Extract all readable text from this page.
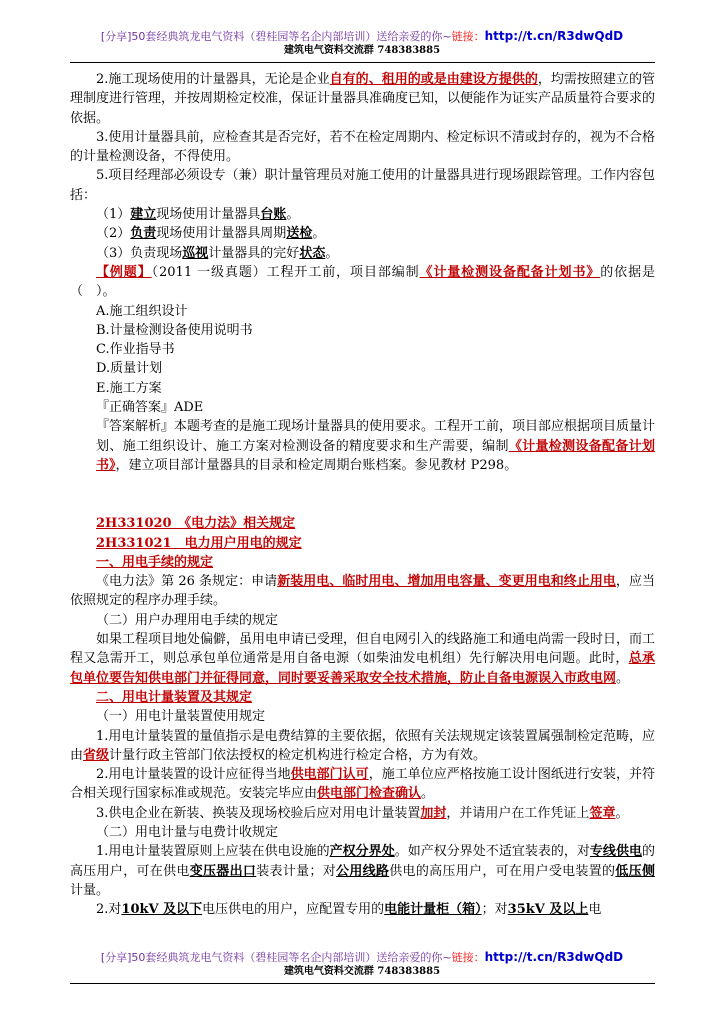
[分享]50套经典筑龙电气资料（碧桂园等名企内部培训）送给亲爱的你~链接：http://t.cn/R3dwQdD
建筑电气资料交流群 748383885

2.施工现场使用的计量器具，无论是企业自有的、租用的或是由建设方提供的，均需按照建立的管理制度进行管理，并按周期检定校准，保证计量器具准确度已知，以便能作为证实产品质量符合要求的依据。

3.使用计量器具前，应检查其是否完好，若不在检定周期内、检定标识不清或封存的，视为不合格的计量检测设备，不得使用。

5.项目经理部必须设专（兼）职计量管理员对施工使用的计量器具进行现场跟踪管理。工作内容包括：

（1）建立现场使用计量器具台账。

（2）负责现场使用计量器具周期送检。

（3）负责现场巡视计量器具的完好状态。

【例题】（2011 一级真题）工程开工前，项目部编制《计量检测设备配备计划书》的依据是（　）。

A.施工组织设计

B.计量检测设备使用说明书

C.作业指导书

D.质量计划

E.施工方案

『正确答案』ADE

『答案解析』本题考查的是施工现场计量器具的使用要求。工程开工前，项目部应根据项目质量计划、施工组织设计、施工方案对检测设备的精度要求和生产需要，编制《计量检测设备配备计划书》，建立项目部计量器具的目录和检定周期台账档案。参见教材 P298。

2H331020　《电力法》相关规定

2H331021　电力用户用电的规定

一、用电手续的规定

《电力法》第 26 条规定：申请新装用电、临时用电、增加用电容量、变更用电和终止用电，应当依照规定的程序办理手续。

（二）用户办理用电手续的规定

如果工程项目地处偏僻，虽用电申请已受理，但自电网引入的线路施工和通电尚需一段时日，而工程又急需开工，则总承包单位通常是用自备电源（如柴油发电机组）先行解决用电问题。此时，总承包单位要告知供电部门并征得同意，同时要妥善采取安全技术措施，防止自备电源误入市政电网。

二、用电计量装置及其规定

（一）用电计量装置使用规定

1.用电计量装置的量值指示是电费结算的主要依据，依照有关法规规定该装置属强制检定范畴，应由省级计量行政主管部门依法授权的检定机构进行检定合格，方为有效。

2.用电计量装置的设计应征得当地供电部门认可，施工单位应严格按施工设计图纸进行安装，并符合相关现行国家标准或规范。安装完毕应由供电部门检查确认。

3.供电企业在新装、换装及现场校验后应对用电计量装置加封，并请用户在工作凭证上签章。

（二）用电计量与电费计收规定

1.用电计量装置原则上应装在供电设施的产权分界处。如产权分界处不适宜装表的，对专线供电的高压用户，可在供电变压器出口装表计量；对公用线路供电的高压用户，可在用户受电装置的低压侧计量。

2.对10kV 及以下电压供电的用户，应配置专用的电能计量柜（箱）；对35kV 及以上电

[分享]50套经典筑龙电气资料（碧桂园等名企内部培训）送给亲爱的你~链接：http://t.cn/R3dwQdD
建筑电气资料交流群 748383885
